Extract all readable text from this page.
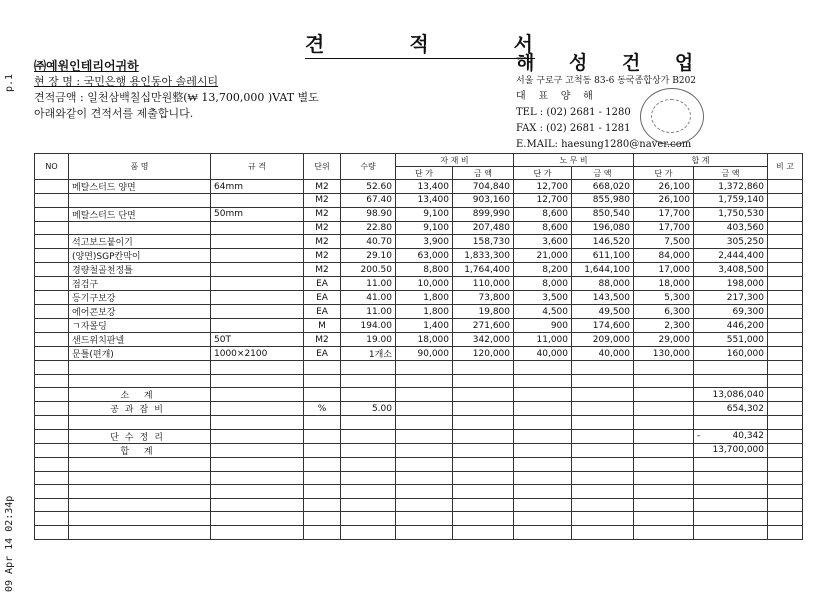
p.1
09 Apr 14 02:34p
견	적	서
㈜예원인테리어귀하
현 장 명 : 국민은행 용인동아 솔레시티
견적금액 : 일천삼백칠십만원整(₩ 13,700,000 )VAT 별도
아래와같이 견적서를 제출합니다.
해 성 건 업
서울 구로구 고척동 83-6 동국종합상가 B202
대    표    양    해
TEL : (02) 2681 - 1280
FAX : (02) 2681 - 1281
E.MAIL: haesung1280@naver.com
NO	품 명	규 격	단위	수량	자 재 비		노 무 비		합 계		비 고
					단 가	금 액	단 가	금 액	단 가	금 액	
	메탈스터드 양면	64mm	M2	52.60	13,400	704,840	12,700	668,020	26,100	1,372,860	
			M2	67.40	13,400	903,160	12,700	855,980	26,100	1,759,140	
	메탈스터드 단면	50mm	M2	98.90	9,100	899,990	8,600	850,540	17,700	1,750,530	
			M2	22.80	9,100	207,480	8,600	196,080	17,700	403,560	
	석고보드붙이기		M2	40.70	3,900	158,730	3,600	146,520	7,500	305,250	
	(양면)SGP칸막이		M2	29.10	63,000	1,833,300	21,000	611,100	84,000	2,444,400	
	경량철골천정틀		M2	200.50	8,800	1,764,400	8,200	1,644,100	17,000	3,408,500	
	점검구		EA	11.00	10,000	110,000	8,000	88,000	18,000	198,000	
	등기구보강		EA	41.00	1,800	73,800	3,500	143,500	5,300	217,300	
	에어콘보강		EA	11.00	1,800	19,800	4,500	49,500	6,300	69,300	
	ㄱ자몰딩		M	194.00	1,400	271,600	900	174,600	2,300	446,200	
	샌드위치판넬	50T	M2	19.00	18,000	342,000	11,000	209,000	29,000	551,000	
	문틀(편개)	1000×2100	EA	1개소	90,000	120,000	40,000	40,000	130,000	160,000	

	소 계									13,086,040	
	공과잡비		%	5.00						654,302	

	단수정리									- 40,342	
	합 계									13,700,000	
